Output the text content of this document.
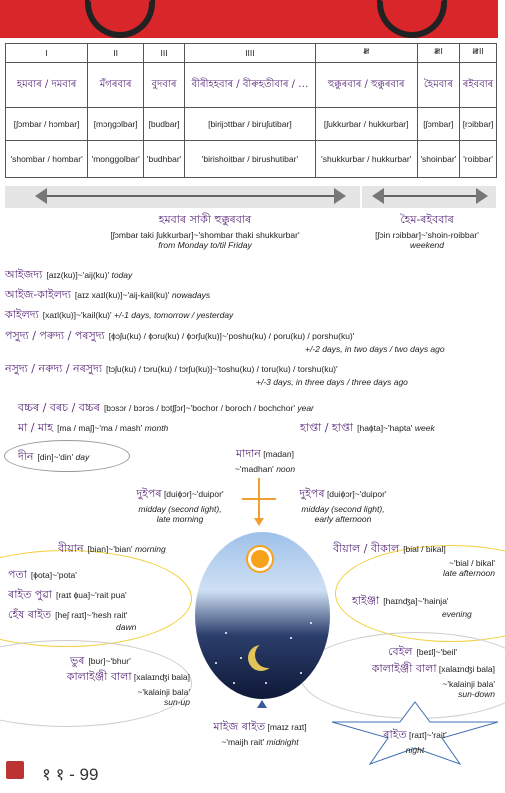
I	II	III	IIII	𝍸	𝍸I	𝍸II
হমবাৰ / দমবাৰ	মঁগৰবাৰ	বুদবাৰ	বীৰীহহবাৰ / বীৰুহতীবাৰ / …	হুক্কুৰবাৰ / হুক্কুৰবাৰ	হৈমবাৰ	ৰইববাৰ
[ʃɔmbar / hɔmbar]	[mɔŋgɔlbar]	[budbar]	[birijɔttbar / biruʃutibar]	[ʃukkurbar / hukkurbar]	[ʃɔmbar]	[rɔibbar]
'shombar / hombar'	'monggolbar'	'budhbar'	'birishoitbar / birushutibar'	'shukkurbar / hukkurbar'	'shoinbar'	'roibbar'
হমবাৰ সাকী হুক্কুৰবাৰ
[ʃɔmbar taki ʃukkurbar]~'shombar thaki shukkurbar'
from Monday to/til Friday
হৈম-ৰইববাৰ
[ʃɔin rɔibbar]~'shoin-roibbar'
weekend
আইজদ্য [aɪz(ku)]~'aij(ku)' today
আইজ-কাইলদ্য [aɪz xaɪl(ku)]~'aij-kail(ku)' nowadays
কাইলদ্য [xaɪl(ku)]~'kail(ku)' +/-1 days, tomorrow / yesterday
পসুদ্য / পৰুদ্য / পৰসুদ্য [ɸɔʃu(ku) / ɸɔru(ku) / ɸɔrʃu(ku)]~'poshu(ku) / poru(ku) / porshu(ku)'
+/-2 days, in two days / two days ago
নসুদ্য / নৰুদ্য / নৰসুদ্য [tɔʃu(ku) / tɔru(ku) / tɔrʃu(ku)]~'toshu(ku) / toru(ku) / torshu(ku)'
+/-3 days, in three days / three days ago
বচ্চৰ / বৰচ / বচ্চৰ [bɔsɔr / bɔrɔs / bɔtʃʃɔr]~'bochor / boroch / bochchor' year
মা / মাহ [ma / maʃ]~'ma / mash' month	হাপ্তা / হাপ্তা [haɸta]~'hapta' week
দীন [din]~'din' day	মাদান [madan]
~'madhan' noon
দুইপৰ [duiɸɔr]~'duipor'
midday (second light),
late morning
দুইপৰ [duiɸɔr]~'duipor'
midday (second light),
early afternoon
বীয়ান [bian]~'bian' morning
পতা [ɸota]~'pota'
ৰাইত পুৱা [raɪt ɸua]~'rait pua'
হেঁষ ৰাইত [heʃ raɪt]~'hesh rait'
dawn
ভুৰ [bʊr]~'bhur'
কালাইঞ্জী বালা [xalaɪnʤi bala]
~'kalainji bala'
sun-up
বীয়াল / বীকাল [bial / bikal]
~'bial / bikal'
late afternoon
হাইঞ্জা [haɪnʤa]~'hainja'
evening
বেইল [beɪl]~'beil'
কালাইঞ্জী বালা [xalaɪnʤi bala]
~'kalainji bala'
sun-down
মাইজ ৰাইত [maɪz raɪt]
~'maijh rait' midnight
ৰাইত [raɪt]~'rait'
night
१ १ - 99
